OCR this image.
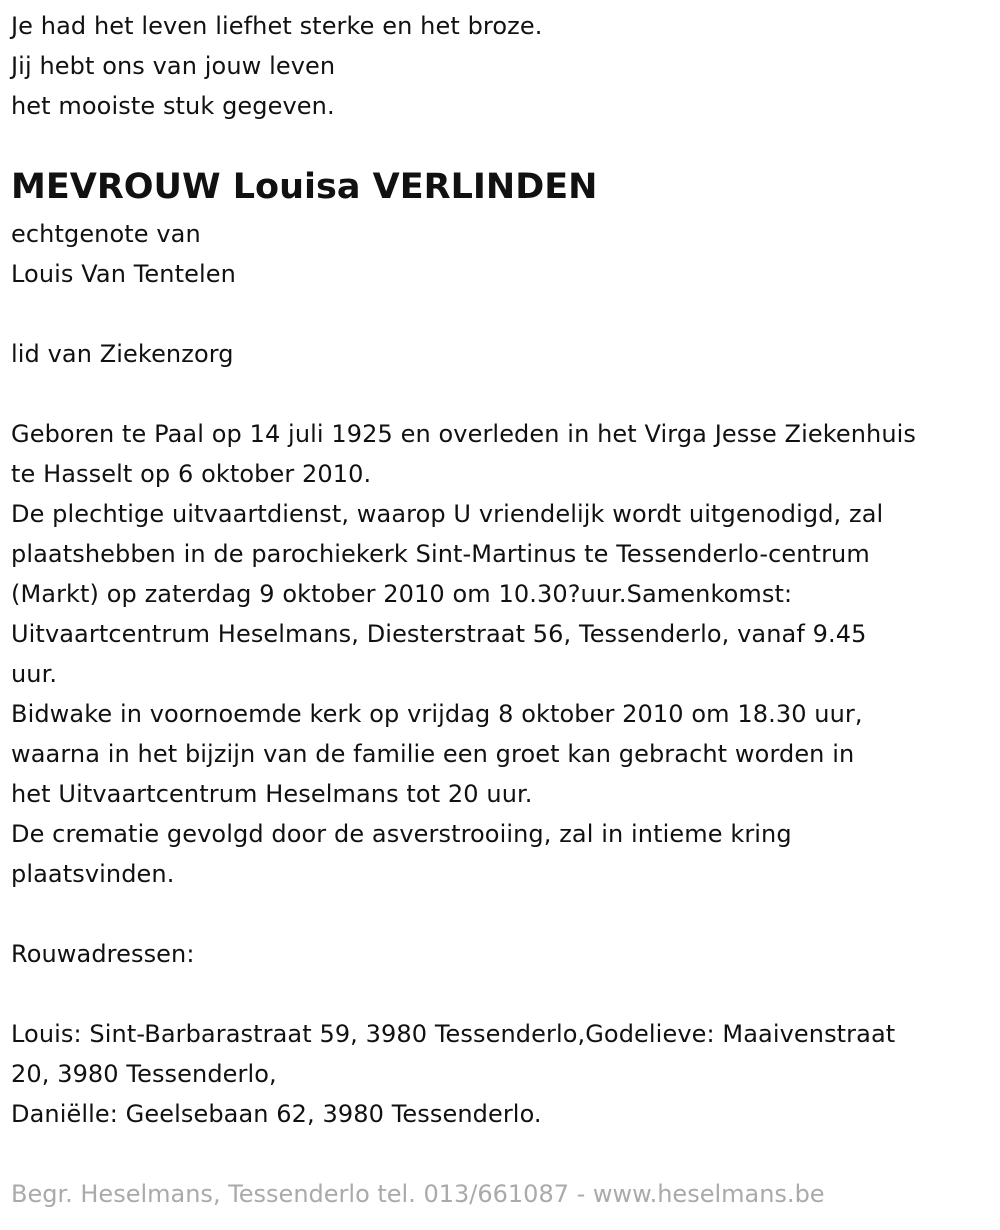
Je had het leven liefhet sterke en het broze.
Jij hebt ons van jouw leven
het mooiste stuk gegeven.
MEVROUW Louisa VERLINDEN
echtgenote van
Louis Van Tentelen
lid van Ziekenzorg
Geboren te Paal op 14 juli 1925 en overleden in het Virga Jesse Ziekenhuis
te Hasselt op 6 oktober 2010.
De plechtige uitvaartdienst, waarop U vriendelijk wordt uitgenodigd, zal
plaatshebben in de parochiekerk Sint-Martinus te Tessenderlo-centrum
(Markt) op zaterdag 9 oktober 2010 om 10.30?uur.Samenkomst:
Uitvaartcentrum Heselmans, Diesterstraat 56, Tessenderlo, vanaf 9.45
uur.
Bidwake in voornoemde kerk op vrijdag 8 oktober 2010 om 18.30 uur,
waarna in het bijzijn van de familie een groet kan gebracht worden in
het Uitvaartcentrum Heselmans tot 20 uur.
De crematie gevolgd door de asverstrooiing, zal in intieme kring
plaatsvinden.
Rouwadressen:
Louis: Sint-Barbarastraat 59, 3980 Tessenderlo,Godelieve: Maaivenstraat
20, 3980 Tessenderlo,
Daniëlle: Geelsebaan 62, 3980 Tessenderlo.
Begr. Heselmans, Tessenderlo tel. 013/661087 - www.heselmans.be
